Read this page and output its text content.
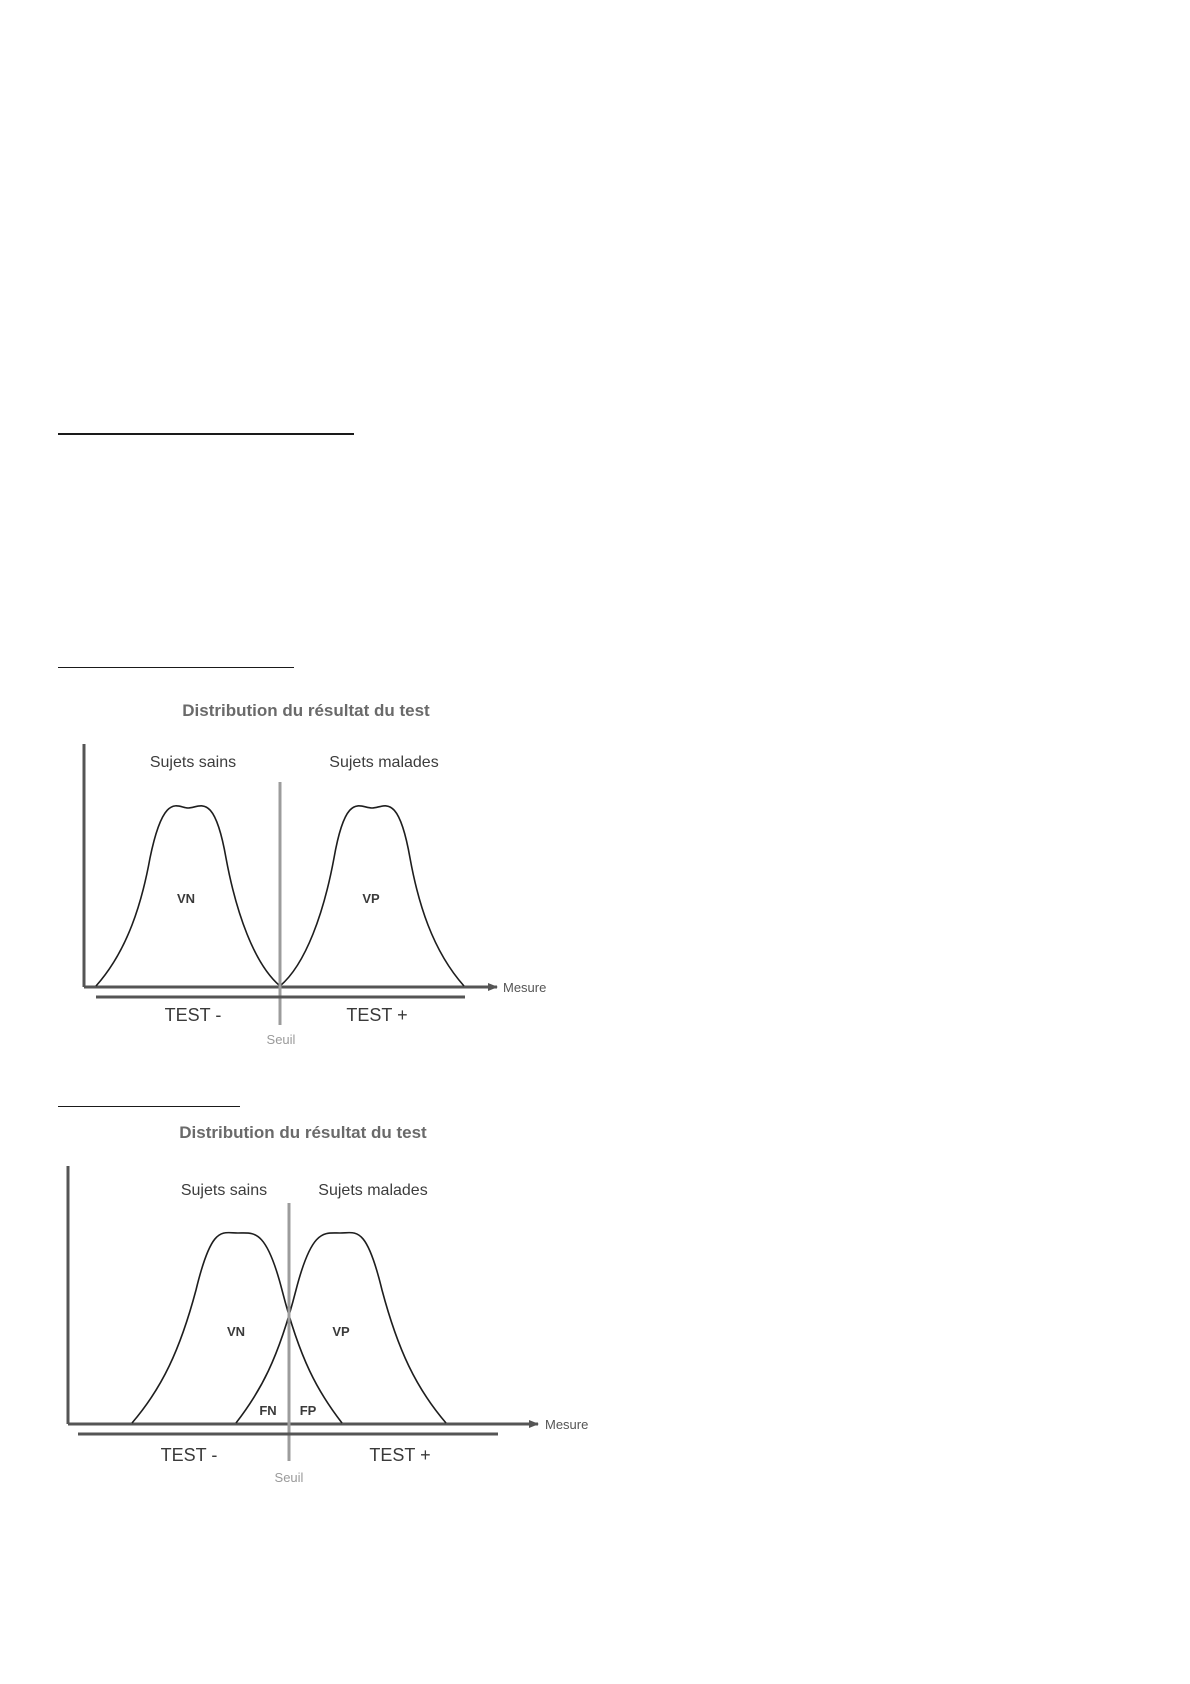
Distribution du résultat du test
Sujets sains	Sujets malades
VN	VP
Mesure
TEST -	TEST +
Seuil
Distribution du résultat du test
Sujets sains	Sujets malades
VN	VP
FN FP
Mesure
TEST -	TEST +
Seuil
